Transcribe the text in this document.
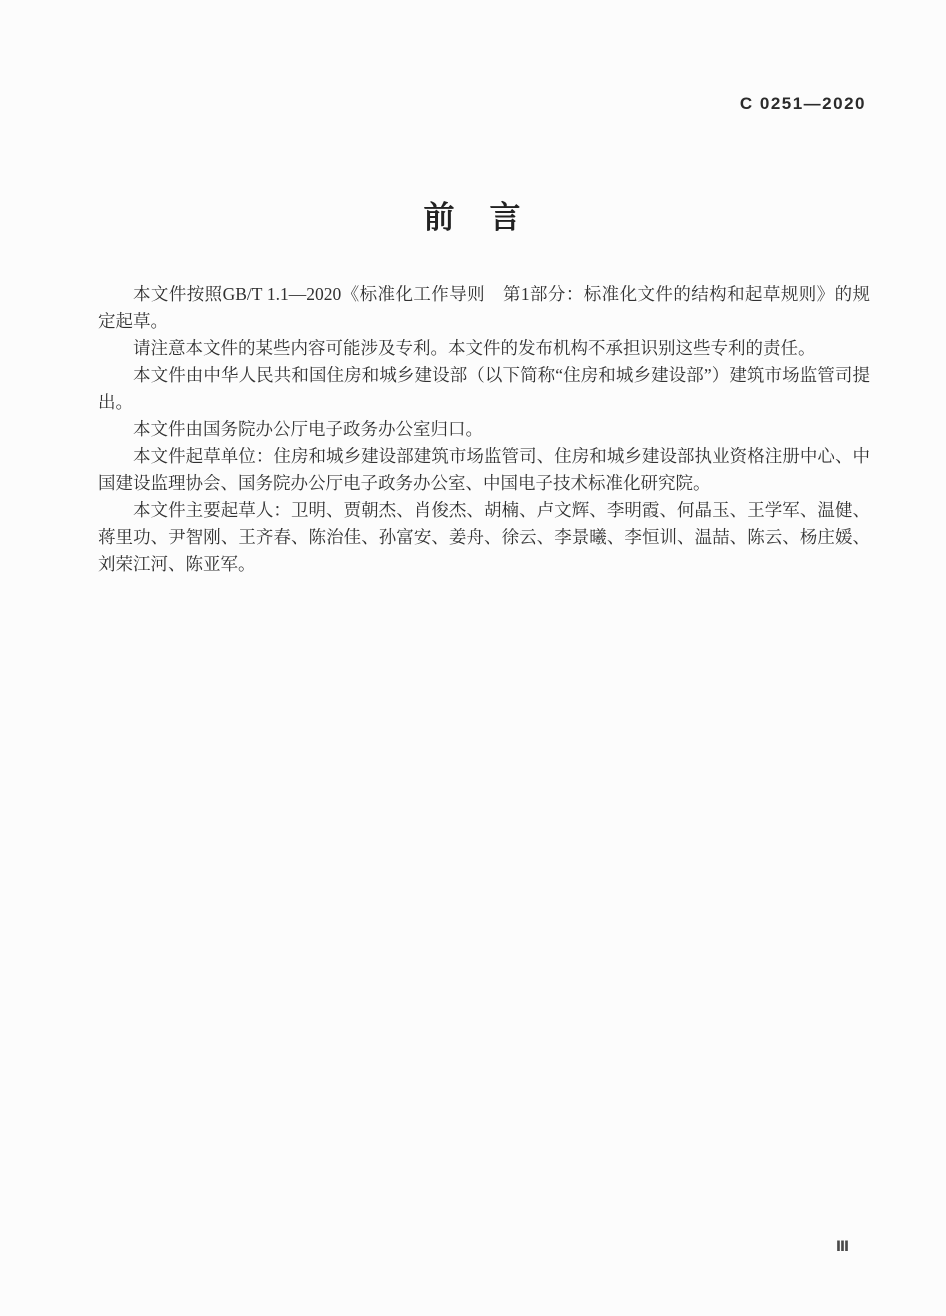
C 0251—2020
前　言

本文件按照GB/T 1.1—2020《标准化工作导则　第1部分：标准化文件的结构和起草规则》的规定起草。

请注意本文件的某些内容可能涉及专利。本文件的发布机构不承担识别这些专利的责任。

本文件由中华人民共和国住房和城乡建设部（以下简称“住房和城乡建设部”）建筑市场监管司提出。

本文件由国务院办公厅电子政务办公室归口。

本文件起草单位：住房和城乡建设部建筑市场监管司、住房和城乡建设部执业资格注册中心、中国建设监理协会、国务院办公厅电子政务办公室、中国电子技术标准化研究院。

本文件主要起草人：卫明、贾朝杰、肖俊杰、胡楠、卢文辉、李明霞、何晶玉、王学军、温健、蒋里功、尹智刚、王齐春、陈治佳、孙富安、姜舟、徐云、李景曦、李恒训、温喆、陈云、杨庄媛、刘荣江河、陈亚军。

Ⅲ
